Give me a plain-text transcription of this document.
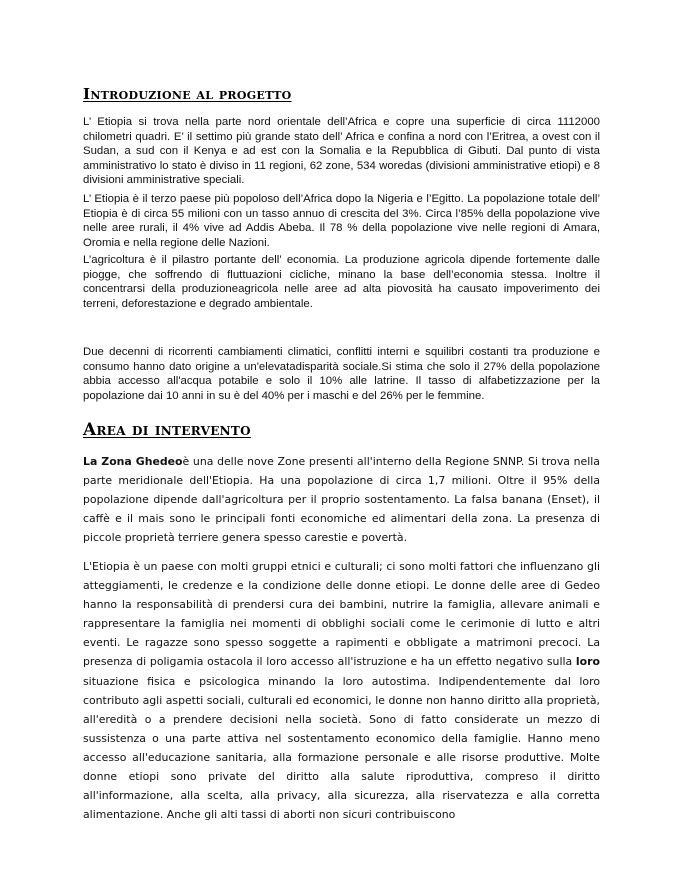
Introduzione al progetto

L’ Etiopia si trova nella parte nord orientale dell’Africa e copre una superficie di circa 1112000 chilometri quadri. E’ il settimo più grande stato dell’ Africa e confina a nord con l’Eritrea, a ovest con il Sudan, a sud con il Kenya e ad est con la Somalia e la Repubblica di Gibuti. Dal punto di vista amministrativo lo stato è diviso in 11 regioni, 62 zone, 534 woredas (divisioni amministrative etiopi) e 8 divisioni amministrative speciali.

L’ Etiopia è il terzo paese più popoloso dell’Africa dopo la Nigeria e l’Egitto. La popolazione totale dell’ Etiopia è di circa 55 milioni con un tasso annuo di crescita del 3%. Circa l’85% della popolazione vive nelle aree rurali, il 4% vive ad Addis Abeba. Il 78 % della popolazione vive nelle regioni di Amara, Oromia e nella regione delle Nazioni.

L’agricoltura è il pilastro portante dell’ economia. La produzione agricola dipende fortemente dalle piogge, che soffrendo di fluttuazioni cicliche, minano la base dell’economia stessa. Inoltre il concentrarsi della produzioneagricola nelle aree ad alta piovosità ha causato impoverimento dei terreni, deforestazione e degrado ambientale.

Due decenni di ricorrenti cambiamenti climatici, conflitti interni e squilibri costanti tra produzione e consumo hanno dato origine a un'elevatadisparità sociale.Si stima che solo il 27% della popolazione abbia accesso all'acqua potabile e solo il 10% alle latrine. Il tasso di alfabetizzazione per la popolazione dai 10 anni in su è del 40% per i maschi e del 26% per le femmine.

Area di intervento

La Zona Ghedeoè una delle nove Zone presenti all'interno della Regione SNNP. Si trova nella parte meridionale dell'Etiopia. Ha una popolazione di circa 1,7 milioni. Oltre il 95% della popolazione dipende dall'agricoltura per il proprio sostentamento. La falsa banana (Enset), il caffè e il mais sono le principali fonti economiche ed alimentari della zona. La presenza di piccole proprietà terriere genera spesso carestie e povertà.

L'Etiopia è un paese con molti gruppi etnici e culturali; ci sono molti fattori che influenzano gli atteggiamenti, le credenze e la condizione delle donne etiopi. Le donne delle aree di Gedeo hanno la responsabilità di prendersi cura dei bambini, nutrire la famiglia, allevare animali e rappresentare la famiglia nei momenti di obblighi sociali come le cerimonie di lutto e altri eventi. Le ragazze sono spesso soggette a rapimenti e obbligate a matrimoni precoci. La presenza di poligamia ostacola il loro accesso all'istruzione e ha un effetto negativo sulla loro situazione fisica e psicologica minando la loro autostima. Indipendentemente dal loro contributo agli aspetti sociali, culturali ed economici, le donne non hanno diritto alla proprietà, all'eredità o a prendere decisioni nella società. Sono di fatto considerate un mezzo di sussistenza o una parte attiva nel sostentamento economico della famiglie. Hanno meno accesso all'educazione sanitaria, alla formazione personale e alle risorse produttive. Molte donne etiopi sono private del diritto alla salute riproduttiva, compreso il diritto all'informazione, alla scelta, alla privacy, alla sicurezza, alla riservatezza e alla corretta alimentazione. Anche gli alti tassi di aborti non sicuri contribuiscono
